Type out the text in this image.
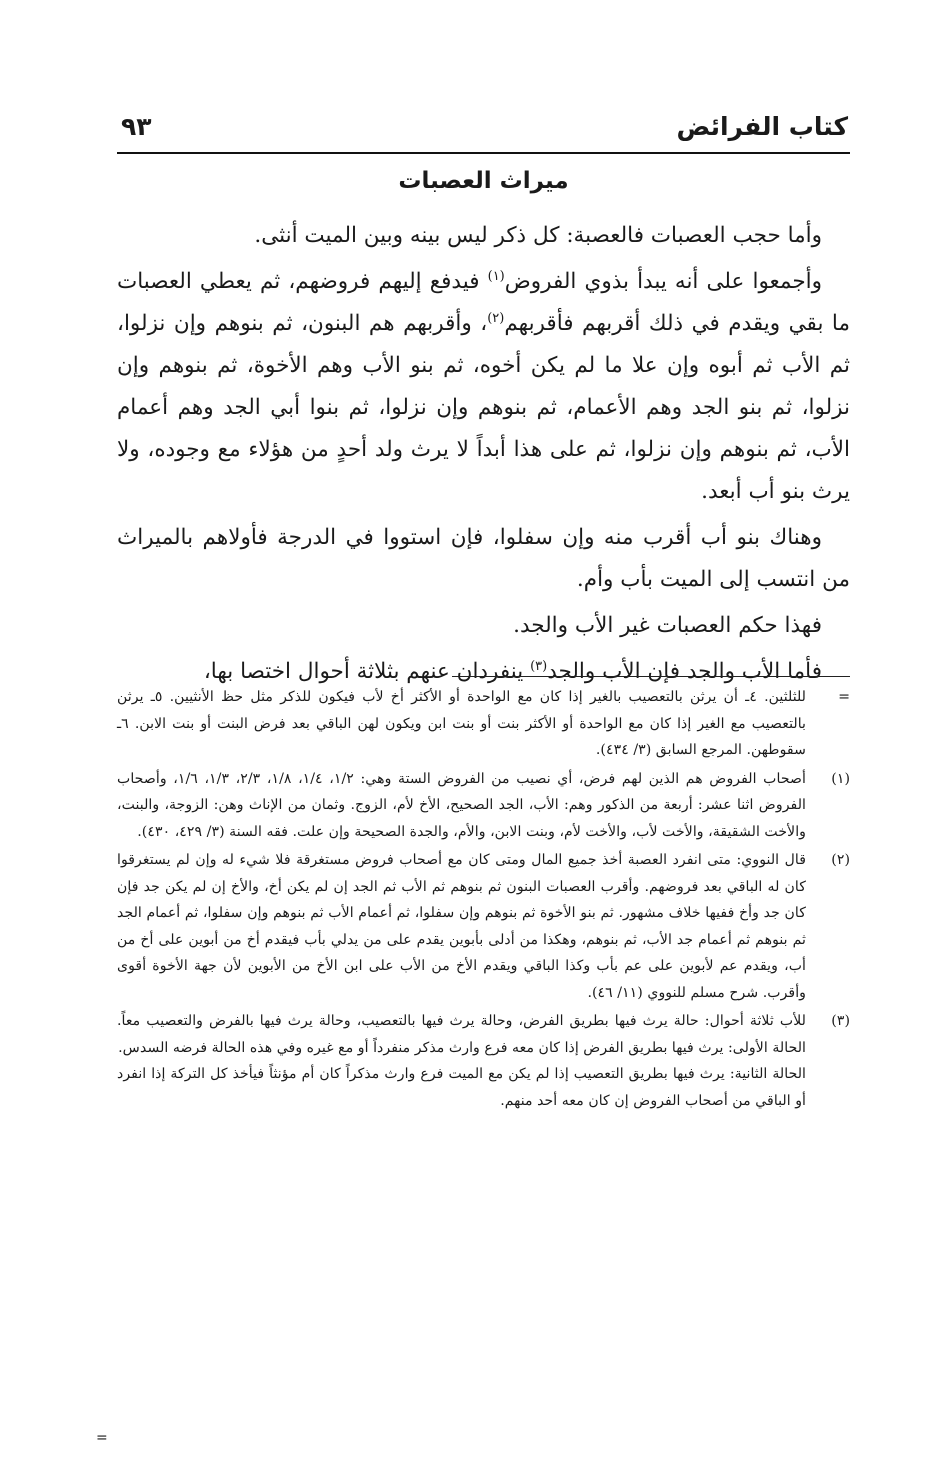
كتاب الفرائض
٩٣
ميراث العصبات

وأما حجب العصبات فالعصبة: كل ذكر ليس بينه وبين الميت أنثى.

وأجمعوا على أنه يبدأ بذوي الفروض$^{(١)}$ فيدفع إليهم فروضهم، ثم يعطي العصبات ما بقي ويقدم في ذلك أقربهم فأقربهم$^{(٢)}$، وأقربهم هم البنون، ثم بنوهم وإن نزلوا، ثم الأب ثم أبوه وإن علا ما لم يكن أخوه، ثم بنو الأب وهم الأخوة، ثم بنوهم وإن نزلوا، ثم بنو الجد وهم الأعمام، ثم بنوهم وإن نزلوا، ثم بنوا أبي الجد وهم أعمام الأب، ثم بنوهم وإن نزلوا، ثم على هذا أبداً لا يرث ولد أحدٍ من هؤلاء مع وجوده، ولا يرث بنو أب أبعد.

وهناك بنو أب أقرب منه وإن سفلوا، فإن استووا في الدرجة فأولاهم بالميراث من انتسب إلى الميت بأب وأم.

فهذا حكم العصبات غير الأب والجد.

فأما الأب والجد فإن الأب والجد$^{(٣)}$ ينفردان عنهم بثلاثة أحوال اختصا بها،

=
للثلثين. ٤ـ أن يرثن بالتعصيب بالغير إذا كان مع الواحدة أو الأكثر أخ لأب فيكون للذكر مثل حظ الأنثيين. ٥ـ يرثن بالتعصيب مع الغير إذا كان مع الواحدة أو الأكثر بنت أو بنت ابن ويكون لهن الباقي بعد فرض البنت أو بنت الابن. ٦ـ سقوطهن. المرجع السابق (٣/ ٤٣٤).
(١)
أصحاب الفروض هم الذين لهم فرض، أي نصيب من الفروض الستة وهي: ١/٢، ١/٤، ١/٨، ٢/٣، ١/٣، ١/٦، وأصحاب الفروض اثنا عشر: أربعة من الذكور وهم: الأب، الجد الصحيح، الأخ لأم، الزوج. وثمان من الإناث وهن: الزوجة، والبنت، والأخت الشقيقة، والأخت لأب، والأخت لأم، وبنت الابن، والأم، والجدة الصحيحة وإن علت. فقه السنة (٣/ ٤٢٩، ٤٣٠).
(٢)
قال النووي: متى انفرد العصبة أخذ جميع المال ومتى كان مع أصحاب فروض مستغرقة فلا شيء له وإن لم يستغرقوا كان له الباقي بعد فروضهم. وأقرب العصبات البنون ثم بنوهم ثم الأب ثم الجد إن لم يكن أخ، والأخ إن لم يكن جد فإن كان جد وأخ ففيها خلاف مشهور. ثم بنو الأخوة ثم بنوهم وإن سفلوا، ثم أعمام الأب ثم بنوهم وإن سفلوا، ثم أعمام الجد ثم بنوهم ثم أعمام جد الأب، ثم بنوهم، وهكذا من أدلى بأبوين يقدم على من يدلي بأب فيقدم أخ من أبوين على أخ من أب، ويقدم عم لأبوين على عم بأب وكذا الباقي ويقدم الأخ من الأب على ابن الأخ من الأبوين لأن جهة الأخوة أقوى وأقرب. شرح مسلم للنووي (١١/ ٤٦).
(٣)
للأب ثلاثة أحوال: حالة يرث فيها بطريق الفرض، وحالة يرث فيها بالتعصيب، وحالة يرث فيها بالفرض والتعصيب معاً. الحالة الأولى: يرث فيها بطريق الفرض إذا كان معه فرع وارث مذكر منفرداً أو مع غيره وفي هذه الحالة فرضه السدس.
الحالة الثانية: يرث فيها بطريق التعصيب إذا لم يكن مع الميت فرع وارث مذكراً كان أم مؤنثاً فيأخذ كل التركة إذا انفرد أو الباقي من أصحاب الفروض إن كان معه أحد منهم.
=
